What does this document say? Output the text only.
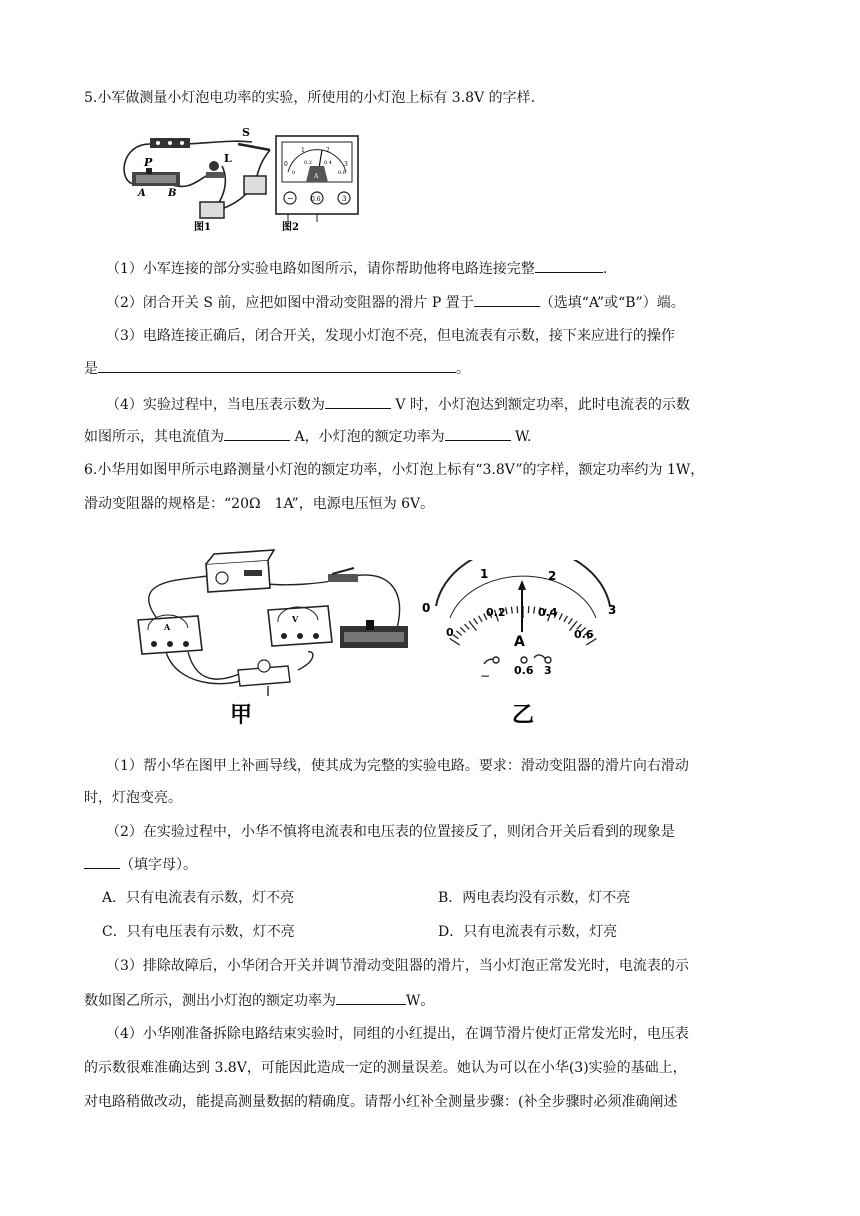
5.小军做测量小灯泡电功率的实验，所使用的小灯泡上标有 3.8V 的字样.
P
A B
S
L
图1
0
1	2
3
0
0.2 0.4
0.6
A
−	0.6	3
图2
（1）小军连接的部分实验电路如图所示，请你帮助他将电路连接完整	.
（2）闭合开关 S 前，应把如图中滑动变阻器的滑片 P 置于	（选填“A”或“B”）端。
（3）电路连接正确后，闭合开关，发现小灯泡不亮，但电流表有示数，接下来应进行的操作
是	。
（4）实验过程中，当电压表示数为	V 时，小灯泡达到额定功率，此时电流表的示数
如图所示，其电流值为	A，小灯泡的额定功率为	W.
6.小华用如图甲所示电路测量小灯泡的额定功率，小灯泡上标有“3.8V”的字样，额定功率约为 1W，
滑动变阻器的规格是：“20Ω　1A”，电源电压恒为 6V。
A
V
甲
0
1	2
3
0
0.2	0.4
0.6
A
− 0.6 3
乙
（1）帮小华在图甲上补画导线，使其成为完整的实验电路。要求：滑动变阻器的滑片向右滑动
时，灯泡变亮。
（2）在实验过程中，小华不慎将电流表和电压表的位置接反了，则闭合开关后看到的现象是
（填字母）。
A．只有电流表有示数，灯不亮	B．两电表均没有示数，灯不亮
C．只有电压表有示数，灯不亮	D．只有电流表有示数，灯亮
（3）排除故障后，小华闭合开关并调节滑动变阻器的滑片，当小灯泡正常发光时，电流表的示
数如图乙所示，测出小灯泡的额定功率为	W。
（4）小华刚准备拆除电路结束实验时，同组的小红提出，在调节滑片使灯正常发光时，电压表
的示数很难准确达到 3.8V，可能因此造成一定的测量误差。她认为可以在小华(3)实验的基础上，
对电路稍做改动，能提高测量数据的精确度。请帮小红补全测量步骤：(补全步骤时必须准确阐述
